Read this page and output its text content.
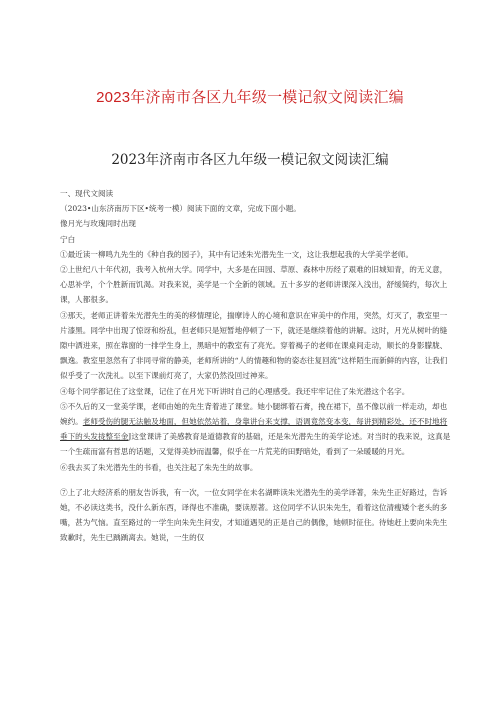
2023年济南市各区九年级一模记叙文阅读汇编
2023年济南市各区九年级一模记叙文阅读汇编

一、现代文阅读

（2023•山东济南历下区•统考一模）阅读下面的文章，完成下面小题。

像月光与玫瑰同时出现

宁白

①最近读一柳鸣九先生的《种自我的园子》，其中有记述朱光潜先生一文，这让我想起我的大学美学老师。

②上世纪八十年代初，我考入杭州大学。同学中，大多是在田园、草原、森林中历经了艰难的旧城知青，的无义意，心思补学，个个胜新而饥渴。对我来说，美学是一个全新的领域。五十多岁的老师讲课深入浅出，舒缓简约，每次上课，人都很多。

③那天，老师正讲着朱光潜先生的美的移情理论，揣摩诗人的心境和意识在审美中的作用，突然，灯灭了，教室里一片漆黑。同学中出现了惊讶和纷乱，但老师只是短暂地停顿了一下，就还是继续着他的讲解。这时，月光从树叶的缝隙中洒进来，照在靠窗的一排学生身上，黑暗中的教室有了亮光。穿着褐子的老师在课桌间走动，顺长的身影朦胧、飘逸。教室里忽然有了非同寻常的静美，老师所讲的“人的情趣和物的姿态往复回流”这样陌生而新鲜的内容，让我们似乎受了一次洗礼。以至下课前灯亮了，大家仍然没回过神来。

④每个同学都记住了这堂课，记住了在月光下听讲时自己的心理感受。我还牢牢记住了朱光潜这个名字。

⑤不久后的又一堂美学课，老师由她的先生背着进了课堂。她小腿绑着石膏，挽在裙下，虽不像以前一样走动，却也婉约。老师受伤的腿无法触及地面，但她依然站着，身靠讲台来支撑，语调竟然变本变，每讲到精彩处，还不时地将垂下的头发拢整至金J这堂课讲了美感教育是道德教育的基础，还是朱光潜先生的美学论述。对当时的我来说，这真是一个生疏而富有哲思的话题，又觉得美妙而温馨，似乎在一片荒芜的田野暗处，看到了一朵暖暖的月光。

⑥我去买了朱光潜先生的书看，也关注起了朱先生的故事。

⑦上了北大经济系的朋友告诉我，有一次，一位女同学在未名湖畔读朱光潜先生的美学译著，朱先生正好路过，告诉她，不必读这类书，没什么新东西，译得也不准确，要读原著。这位同学不认识朱先生，看着这位清瘦矮个老头的多嘴，甚为气恼。直至路过的一学生向朱先生问安，才知道遇见的正是自己的偶像，她顿时征住。待她赶上要向朱先生致歉时，先生已踽踽离去。她说，一生的仅
